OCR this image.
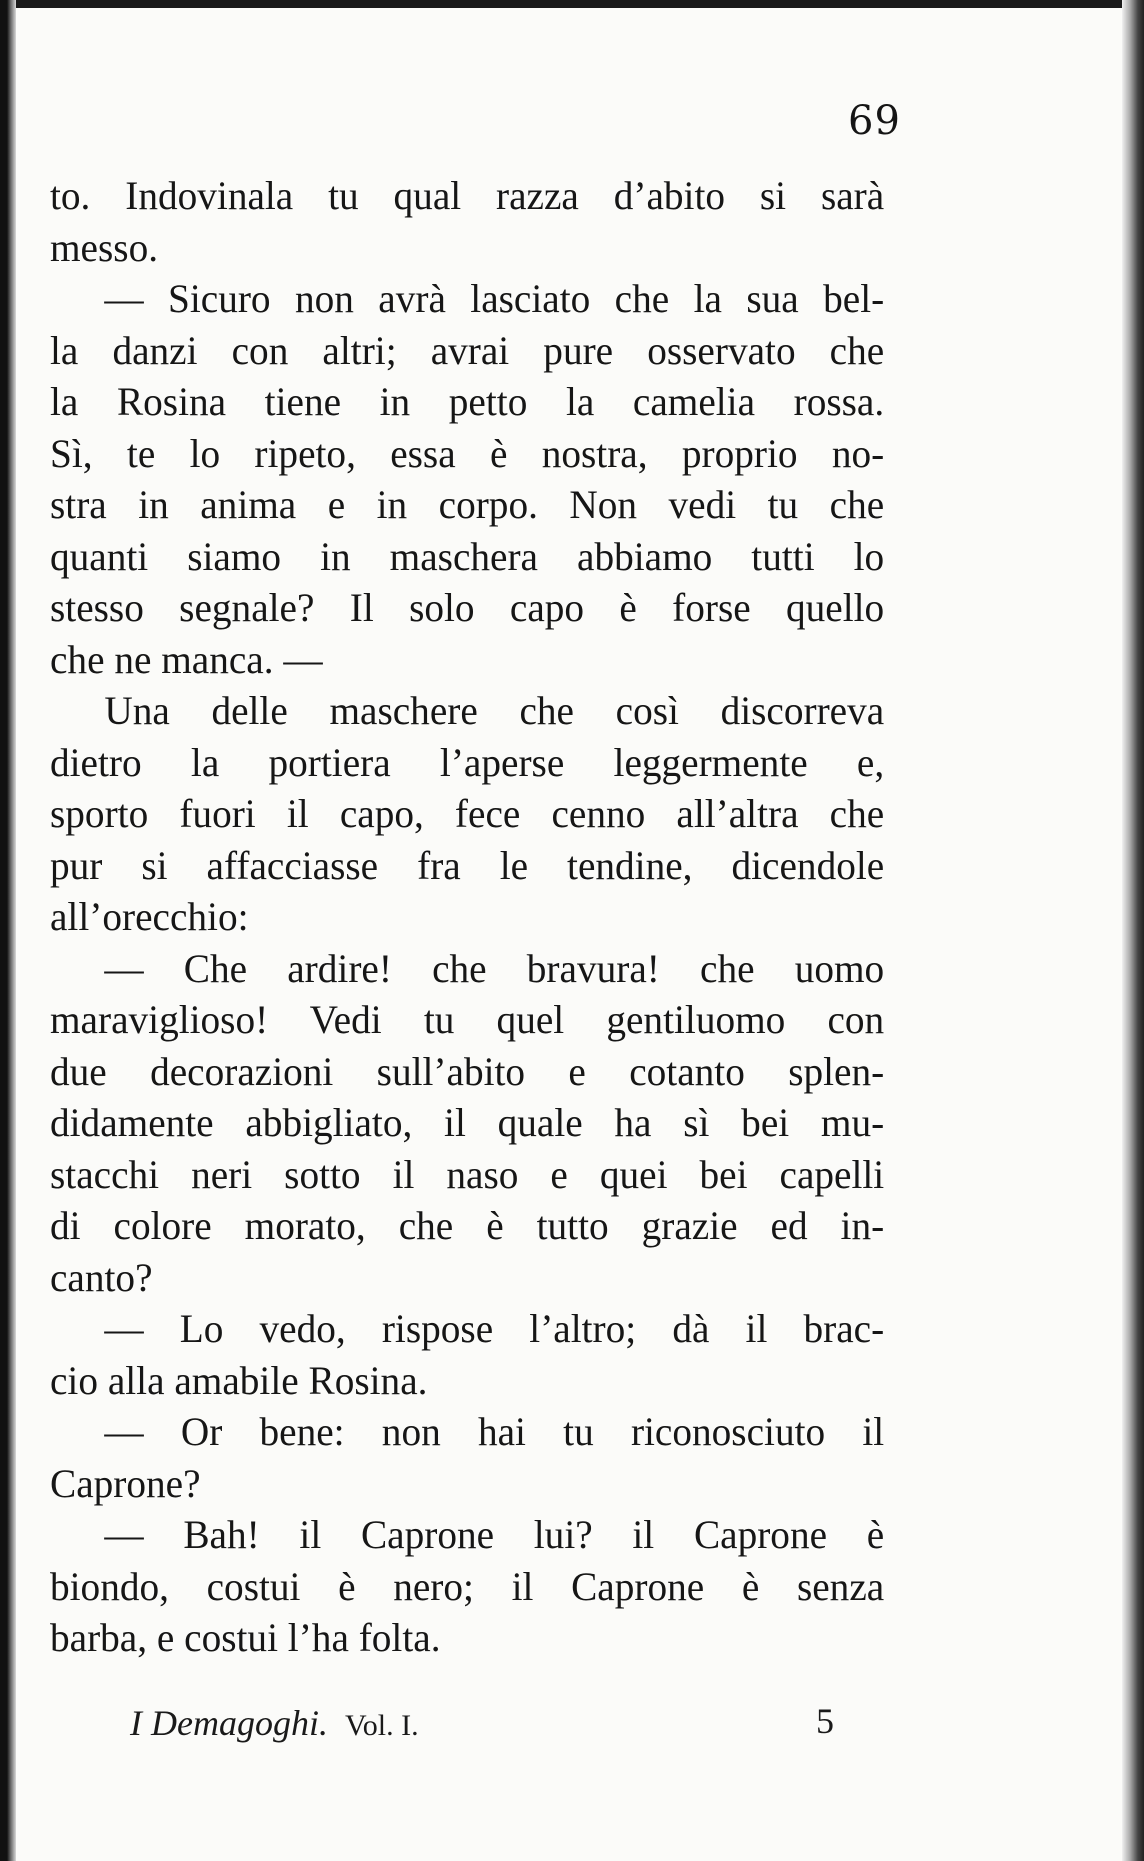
69
to. Indovinala tu qual razza d’abito si sarà
messo.
— Sicuro non avrà lasciato che la sua bel-
la danzi con altri; avrai pure osservato che
la Rosina tiene in petto la camelia rossa.
Sì, te lo ripeto, essa è nostra, proprio no-
stra in anima e in corpo. Non vedi tu che
quanti siamo in maschera abbiamo tutti lo
stesso segnale? Il solo capo è forse quello
che ne manca. —
Una delle maschere che così discorreva
dietro la portiera l’aperse leggermente e,
sporto fuori il capo, fece cenno all’altra che
pur si affacciasse fra le tendine, dicendole
all’orecchio:
— Che ardire! che bravura! che uomo
maraviglioso! Vedi tu quel gentiluomo con
due decorazioni sull’abito e cotanto splen-
didamente abbigliato, il quale ha sì bei mu-
stacchi neri sotto il naso e quei bei capelli
di colore morato, che è tutto grazie ed in-
canto?
— Lo vedo, rispose l’altro; dà il brac-
cio alla amabile Rosina.
— Or bene: non hai tu riconosciuto il
Caprone?
— Bah! il Caprone lui? il Caprone è
biondo, costui è nero; il Caprone è senza
barba, e costui l’ha folta.
I Demagoghi. Vol. I.	5
